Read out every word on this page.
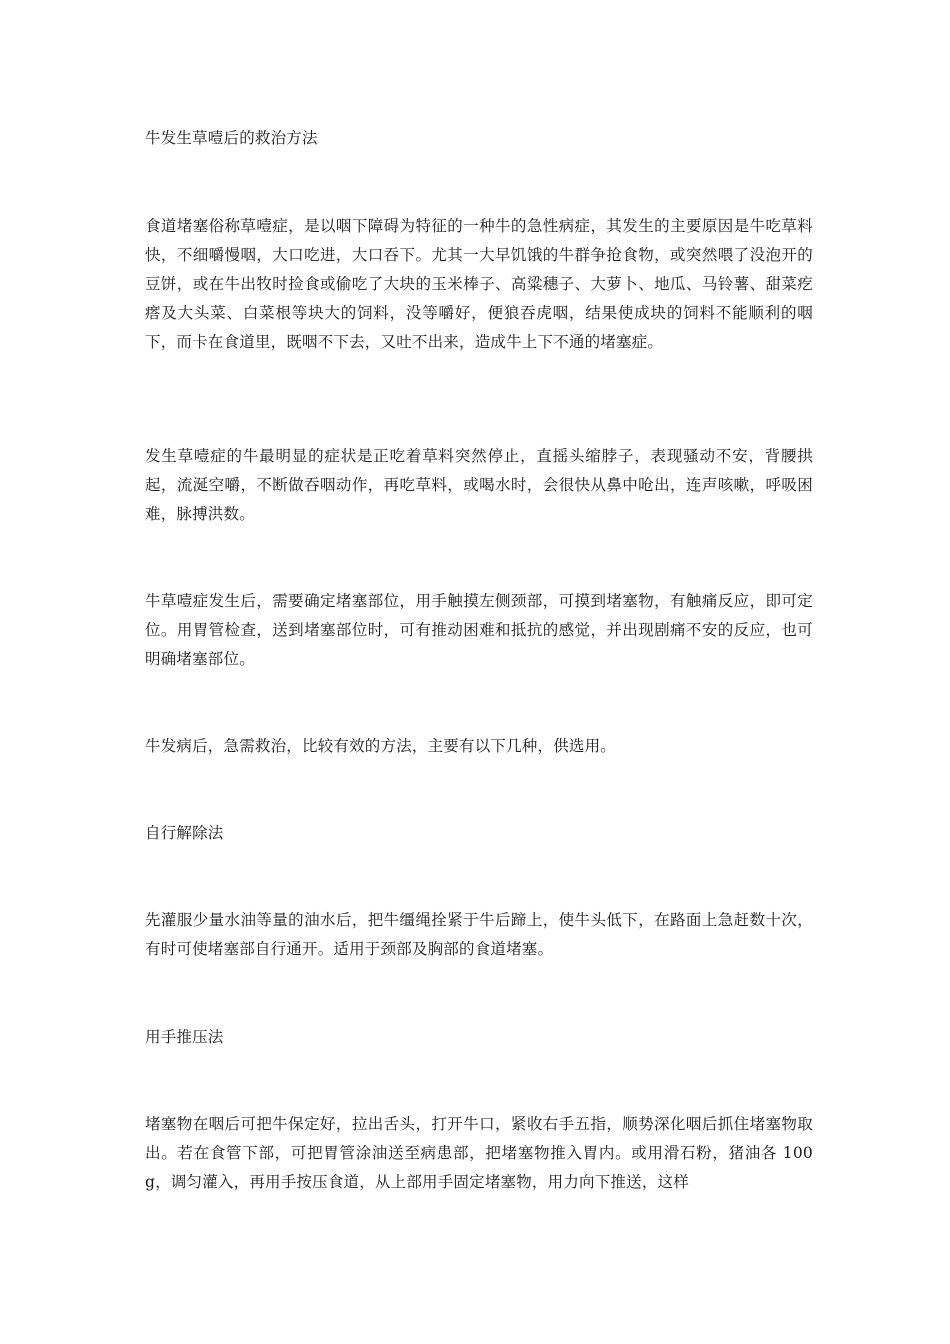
牛发生草噎后的救治方法

食道堵塞俗称草噎症，是以咽下障碍为特征的一种牛的急性病症，其发生的主要原因是牛吃草料快，不细嚼慢咽，大口吃进，大口吞下。尤其一大早饥饿的牛群争抢食物，或突然喂了没泡开的豆饼，或在牛出牧时捡食或偷吃了大块的玉米棒子、高粱穗子、大萝卜、地瓜、马铃薯、甜菜疙瘩及大头菜、白菜根等块大的饲料，没等嚼好，便狼吞虎咽，结果使成块的饲料不能顺利的咽下，而卡在食道里，既咽不下去，又吐不出来，造成牛上下不通的堵塞症。

发生草噎症的牛最明显的症状是正吃着草料突然停止，直摇头缩脖子，表现骚动不安，背腰拱起，流涎空嚼，不断做吞咽动作，再吃草料，或喝水时，会很快从鼻中呛出，连声咳嗽，呼吸困难，脉搏洪数。

牛草噎症发生后，需要确定堵塞部位，用手触摸左侧颈部，可摸到堵塞物，有触痛反应，即可定位。用胃管检查，送到堵塞部位时，可有推动困难和抵抗的感觉，并出现剧痛不安的反应，也可明确堵塞部位。

牛发病后，急需救治，比较有效的方法，主要有以下几种，供选用。

自行解除法

先灌服少量水油等量的油水后，把牛缰绳拴紧于牛后蹄上，使牛头低下，在路面上急赶数十次，有时可使堵塞部自行通开。适用于颈部及胸部的食道堵塞。

用手推压法

堵塞物在咽后可把牛保定好，拉出舌头，打开牛口，紧收右手五指，顺势深化咽后抓住堵塞物取出。若在食管下部，可把胃管涂油送至病患部，把堵塞物推入胃内。或用滑石粉，猪油各 100g，调匀灌入，再用手按压食道，从上部用手固定堵塞物，用力向下推送，这样
